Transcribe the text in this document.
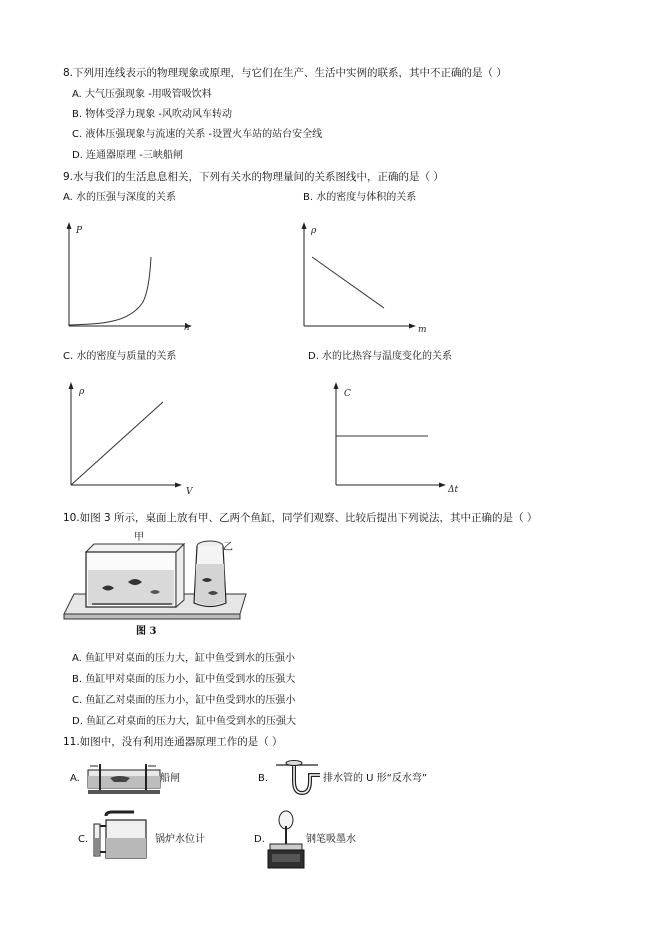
8.下列用连线表示的物理现象或原理，与它们在生产、生活中实例的联系，其中不正确的是（ ）
A. 大气压强现象 -用吸管吸饮料
B. 物体受浮力现象 -风吹动风车转动
C. 液体压强现象与流速的关系 -设置火车站的站台安全线
D. 连通器原理 -三峡船闸
9.水与我们的生活息息相关，下列有关水的物理量间的关系图线中，正确的是（ ）
A. 水的压强与深度的关系	B. 水的密度与体积的关系
P
h
ρ
m
C. 水的密度与质量的关系	D. 水的比热容与温度变化的关系
ρ
V
C
Δt
10.如图 3 所示，桌面上放有甲、乙两个鱼缸，同学们观察、比较后提出下列说法，其中正确的是（ ）
甲
乙
图 3
A. 鱼缸甲对桌面的压力大，缸中鱼受到水的压强小
B. 鱼缸甲对桌面的压力小，缸中鱼受到水的压强大
C. 鱼缸乙对桌面的压力小，缸中鱼受到水的压强小
D. 鱼缸乙对桌面的压力大，缸中鱼受到水的压强大
11.如图中，没有利用连通器原理工作的是（ ）
A.	船闸	B.	排水管的 U 形“反水弯”
C.	锅炉水位计	D.	钢笔吸墨水
